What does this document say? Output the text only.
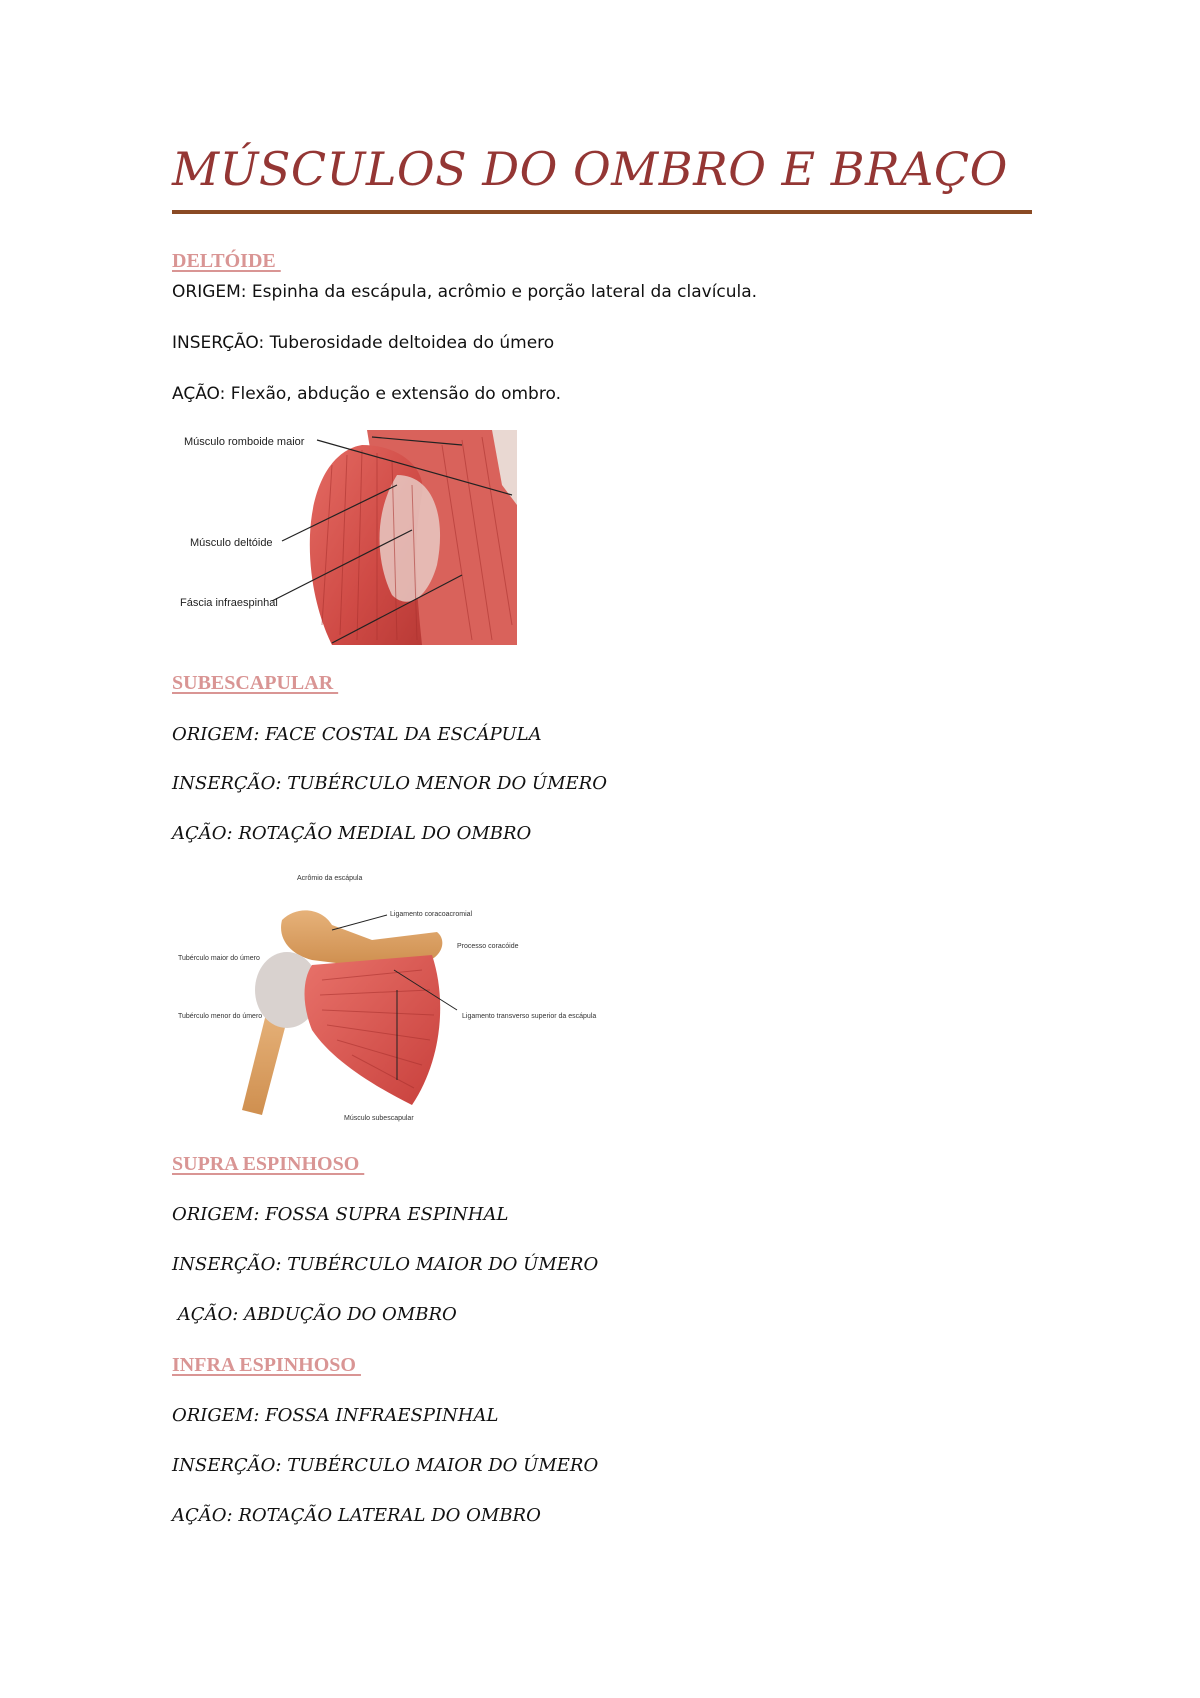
MÚSCULOS DO OMBRO E BRAÇO
DELTÓIDE
ORIGEM: Espinha da escápula, acrômio e porção lateral da clavícula.
INSERÇÃO: Tuberosidade deltoidea do úmero
AÇÃO: Flexão, abdução e extensão do ombro.
Músculo romboide maior
Músculo deltóide
Fáscia infraespinhal
SUBESCAPULAR
ORIGEM: FACE COSTAL DA ESCÁPULA
INSERÇÃO: TUBÉRCULO MENOR DO ÚMERO
AÇÃO: ROTAÇÃO MEDIAL DO OMBRO
Acrômio da escápula
Ligamento coracoacromial
Processo coracóide
Tubérculo maior do úmero
Tubérculo menor do úmero	Ligamento transverso superior da escápula
Músculo subescapular
SUPRA ESPINHOSO
ORIGEM: FOSSA SUPRA ESPINHAL
INSERÇÃO: TUBÉRCULO MAIOR DO ÚMERO
AÇÃO: ABDUÇÃO DO OMBRO
INFRA ESPINHOSO
ORIGEM: FOSSA INFRAESPINHAL
INSERÇÃO: TUBÉRCULO MAIOR DO ÚMERO
AÇÃO: ROTAÇÃO LATERAL DO OMBRO
